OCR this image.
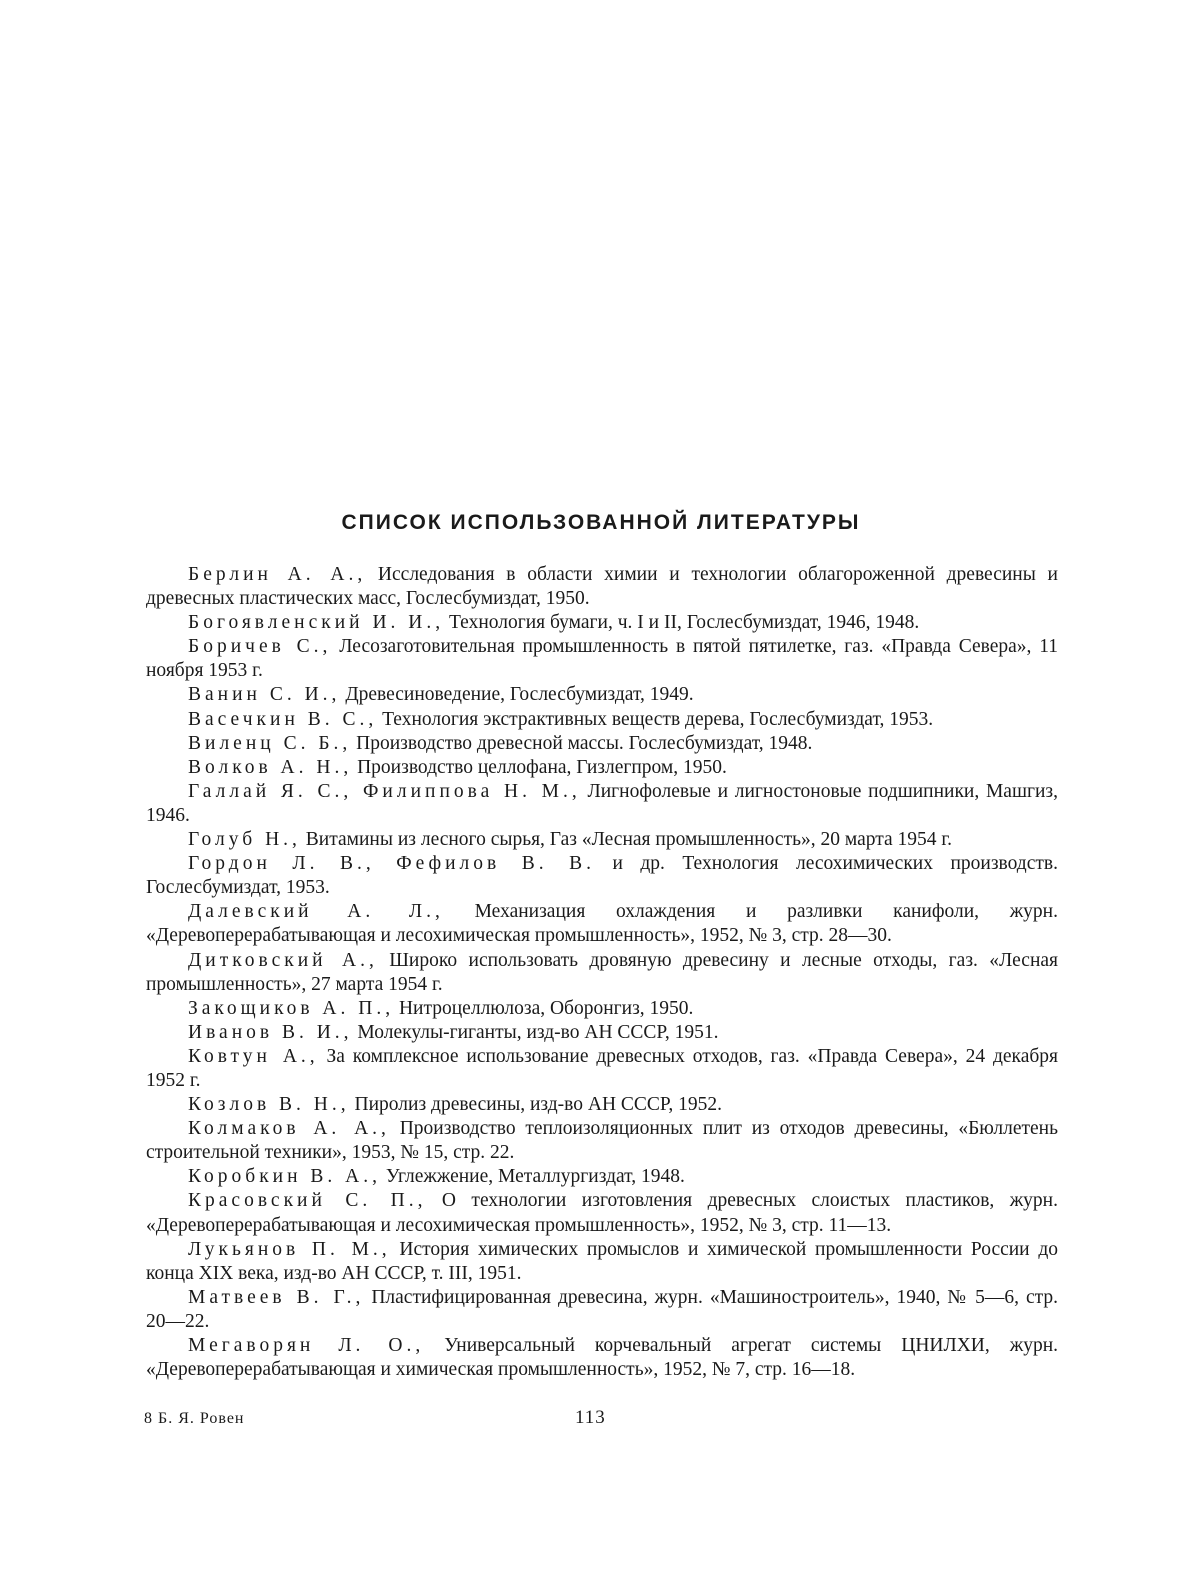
СПИСОК ИСПОЛЬЗОВАННОЙ ЛИТЕРАТУРЫ

Берлин А. А., Исследования в области химии и технологии облагороженной древесины и древесных пластических масс, Гослесбумиздат, 1950.

Богоявленский И. И., Технология бумаги, ч. I и II, Гослесбумиздат, 1946, 1948.

Боричев С., Лесозаготовительная промышленность в пятой пятилетке, газ. «Правда Севера», 11 ноября 1953 г.

Ванин С. И., Древесиноведение, Гослесбумиздат, 1949.

Васечкин В. С., Технология экстрактивных веществ дерева, Гослесбумиздат, 1953.

Виленц С. Б., Производство древесной массы. Гослесбумиздат, 1948.

Волков А. Н., Производство целлофана, Гизлегпром, 1950.

Галлай Я. С., Филиппова Н. М., Лигнофолевые и лигностоновые подшипники, Машгиз, 1946.

Голуб Н., Витамины из лесного сырья, Газ «Лесная промышленность», 20 марта 1954 г.

Гордон Л. В., Фефилов В. В. и др. Технология лесохимических производств. Гослесбумиздат, 1953.

Далевский А. Л., Механизация охлаждения и разливки канифоли, журн. «Деревоперерабатывающая и лесохимическая промышленность», 1952, № 3, стр. 28—30.

Дитковский А., Широко использовать дровяную древесину и лесные отходы, газ. «Лесная промышленность», 27 марта 1954 г.

Закощиков А. П., Нитроцеллюлоза, Оборонгиз, 1950.

Иванов В. И., Молекулы-гиганты, изд-во АН СССР, 1951.

Ковтун А., За комплексное использование древесных отходов, газ. «Правда Севера», 24 декабря 1952 г.

Козлов В. Н., Пиролиз древесины, изд-во АН СССР, 1952.

Колмаков А. А., Производство теплоизоляционных плит из отходов древесины, «Бюллетень строительной техники», 1953, № 15, стр. 22.

Коробкин В. А., Углежжение, Металлургиздат, 1948.

Красовский С. П., О технологии изготовления древесных слоистых пластиков, журн. «Деревоперерабатывающая и лесохимическая промышленность», 1952, № 3, стр. 11—13.

Лукьянов П. М., История химических промыслов и химической промышленности России до конца XIX века, изд-во АН СССР, т. III, 1951.

Матвеев В. Г., Пластифицированная древесина, журн. «Машиностроитель», 1940, № 5—6, стр. 20—22.

Мегаворян Л. О., Универсальный корчевальный агрегат системы ЦНИЛХИ, журн. «Деревоперерабатывающая и химическая промышленность», 1952, № 7, стр. 16—18.

8 Б. Я. Ровен	113
